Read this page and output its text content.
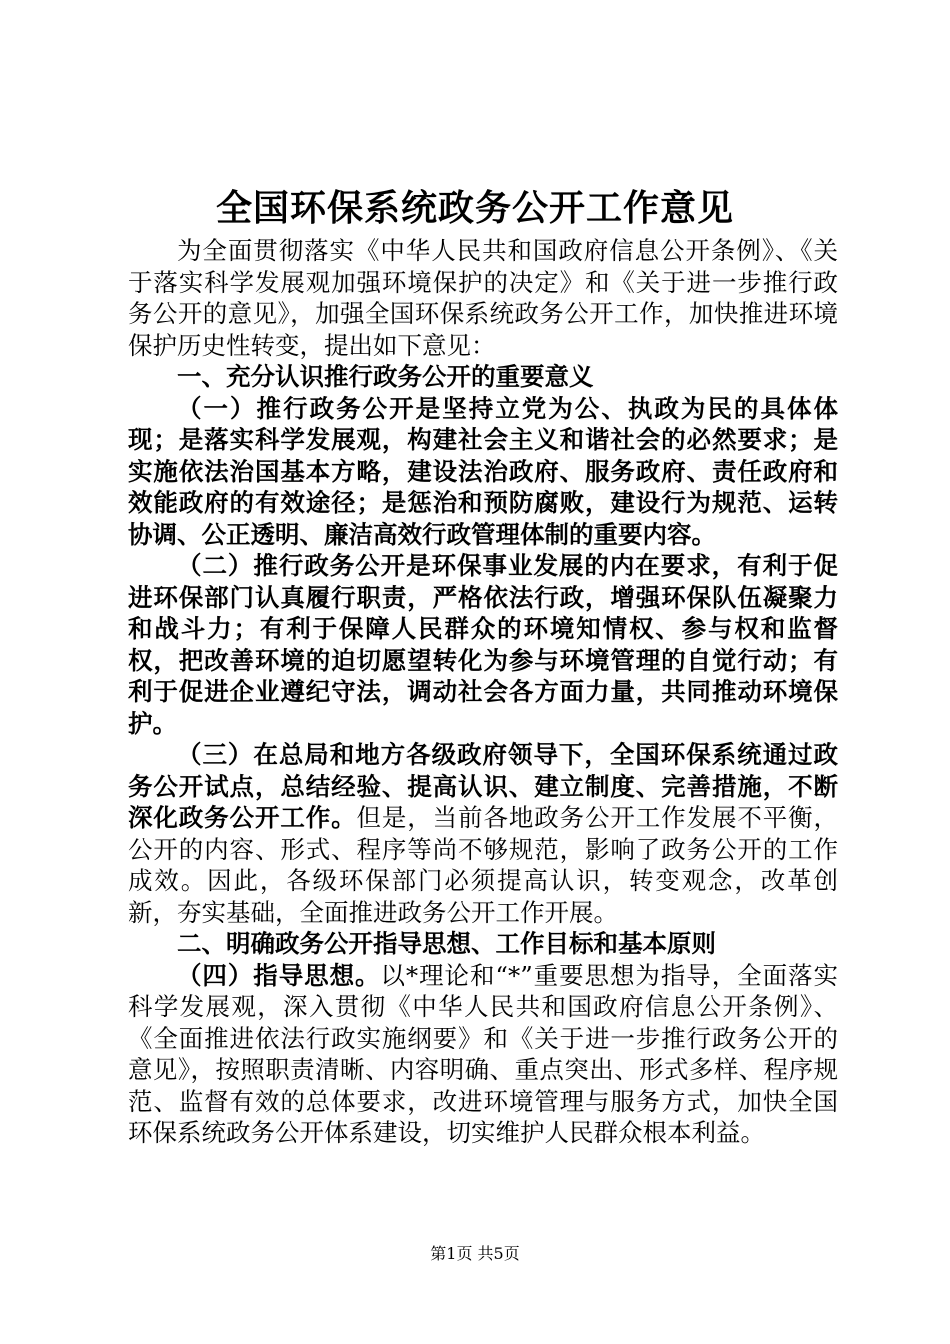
全国环保系统政务公开工作意见

为全面贯彻落实《中华人民共和国政府信息公开条例》、《关于落实科学发展观加强环境保护的决定》和《关于进一步推行政务公开的意见》，加强全国环保系统政务公开工作，加快推进环境保护历史性转变，提出如下意见：

一、充分认识推行政务公开的重要意义

（一）推行政务公开是坚持立党为公、执政为民的具体体现；是落实科学发展观，构建社会主义和谐社会的必然要求；是实施依法治国基本方略，建设法治政府、服务政府、责任政府和效能政府的有效途径；是惩治和预防腐败，建设行为规范、运转协调、公正透明、廉洁高效行政管理体制的重要内容。

（二）推行政务公开是环保事业发展的内在要求，有利于促进环保部门认真履行职责，严格依法行政，增强环保队伍凝聚力和战斗力；有利于保障人民群众的环境知情权、参与权和监督权，把改善环境的迫切愿望转化为参与环境管理的自觉行动；有利于促进企业遵纪守法，调动社会各方面力量，共同推动环境保护。

（三）在总局和地方各级政府领导下，全国环保系统通过政务公开试点，总结经验、提高认识、建立制度、完善措施，不断深化政务公开工作。但是，当前各地政务公开工作发展不平衡，公开的内容、形式、程序等尚不够规范，影响了政务公开的工作成效。因此，各级环保部门必须提高认识，转变观念，改革创新，夯实基础，全面推进政务公开工作开展。

二、明确政务公开指导思想、工作目标和基本原则

（四）指导思想。以*理论和“*”重要思想为指导，全面落实科学发展观，深入贯彻《中华人民共和国政府信息公开条例》、《全面推进依法行政实施纲要》和《关于进一步推行政务公开的意见》，按照职责清晰、内容明确、重点突出、形式多样、程序规范、监督有效的总体要求，改进环境管理与服务方式，加快全国环保系统政务公开体系建设，切实维护人民群众根本利益。

第1页 共5页
